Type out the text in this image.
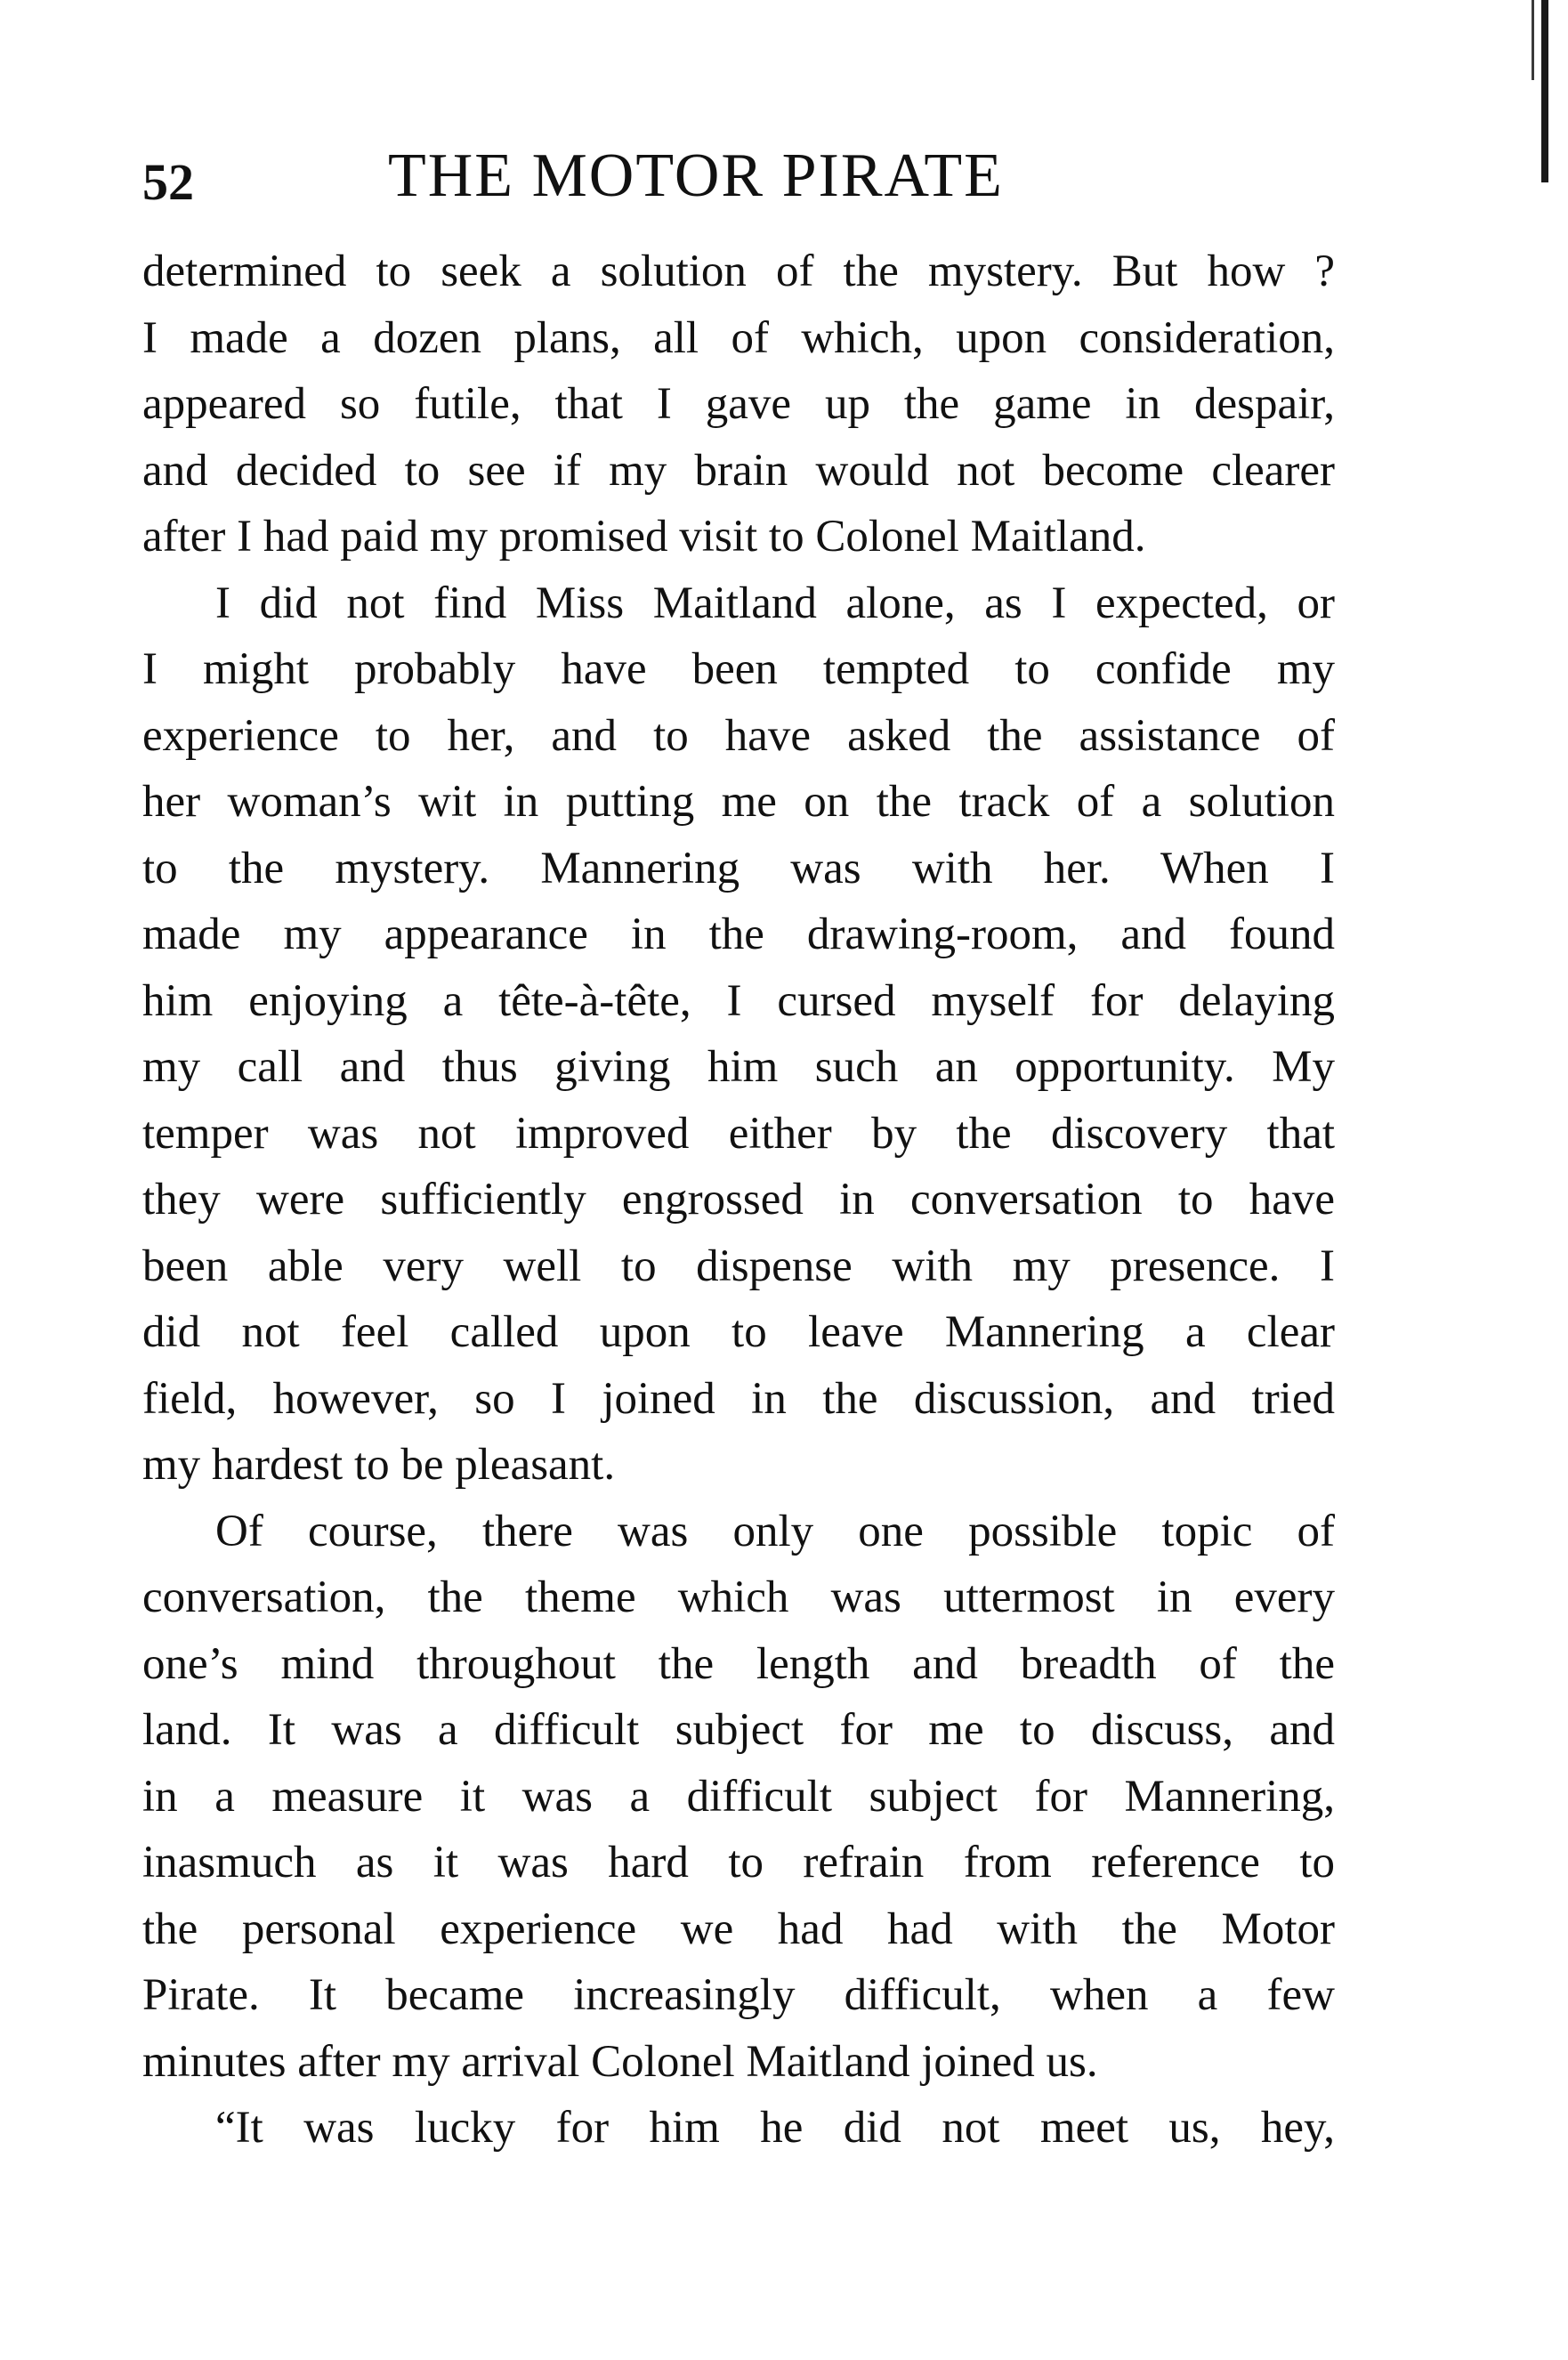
52	THE MOTOR PIRATE
determined to seek a solution of the mystery. But how ?
I made a dozen plans, all of which, upon consideration,
appeared so futile, that I gave up the game in despair,
and decided to see if my brain would not become clearer
after I had paid my promised visit to Colonel Maitland.
I did not find Miss Maitland alone, as I expected, or
I might probably have been tempted to confide my
experience to her, and to have asked the assistance of
her woman’s wit in putting me on the track of a solution
to the mystery. Mannering was with her. When I
made my appearance in the drawing-room, and found
him enjoying a tête-à-tête, I cursed myself for delaying
my call and thus giving him such an opportunity. My
temper was not improved either by the discovery that
they were sufficiently engrossed in conversation to have
been able very well to dispense with my presence. I
did not feel called upon to leave Mannering a clear
field, however, so I joined in the discussion, and tried
my hardest to be pleasant.
Of course, there was only one possible topic of
conversation, the theme which was uttermost in every
one’s mind throughout the length and breadth of the
land. It was a difficult subject for me to discuss, and
in a measure it was a difficult subject for Mannering,
inasmuch as it was hard to refrain from reference to
the personal experience we had had with the Motor
Pirate. It became increasingly difficult, when a few
minutes after my arrival Colonel Maitland joined us.
“It was lucky for him he did not meet us, hey,
